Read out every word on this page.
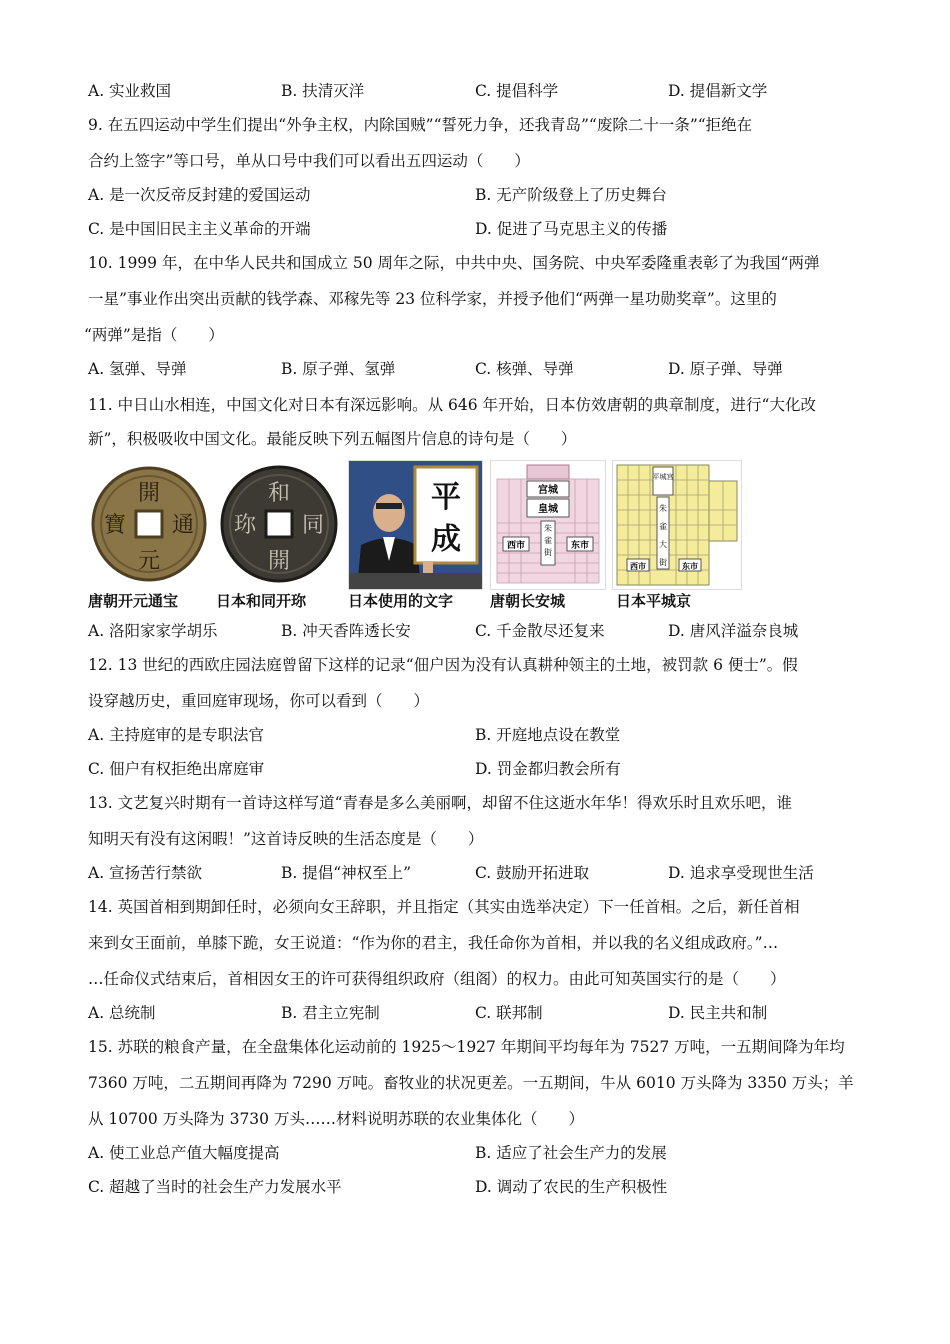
A. 实业救国	B. 扶清灭洋	C. 提倡科学	D. 提倡新文学
9. 在五四运动中学生们提出“外争主权，内除国贼”“誓死力争，还我青岛”“废除二十一条”“拒绝在
合约上签字”等口号，单从口号中我们可以看出五四运动（　　）
A. 是一次反帝反封建的爱国运动	B. 无产阶级登上了历史舞台
C. 是中国旧民主主义革命的开端	D. 促进了马克思主义的传播
10. 1999 年，在中华人民共和国成立 50 周年之际，中共中央、国务院、中央军委隆重表彰了为我国“两弹
一星”事业作出突出贡献的钱学森、邓稼先等 23 位科学家，并授予他们“两弹一星功勋奖章”。这里的
“两弹”是指（　　）
A. 氢弹、导弹	B. 原子弹、氢弹	C. 核弹、导弹	D. 原子弹、导弹
11. 中日山水相连，中国文化对日本有深远影响。从 646 年开始，日本仿效唐朝的典章制度，进行“大化改
新”，积极吸收中国文化。最能反映下列五幅图片信息的诗句是（　　）
開
元
通
寶
和
同
開
珎
平
成
宫城
皇城
朱
雀
街
西市	东市
平城宫
朱
雀
大
街
西市	东市
唐朝开元通宝	日本和同开珎	日本使用的文字 唐朝长安城	日本平城京
A. 洛阳家家学胡乐	B. 冲天香阵透长安	C. 千金散尽还复来	D. 唐风洋溢奈良城
12. 13 世纪的西欧庄园法庭曾留下这样的记录“佃户因为没有认真耕种领主的土地，被罚款 6 便士”。假
设穿越历史，重回庭审现场，你可以看到（　　）
A. 主持庭审的是专职法官	B. 开庭地点设在教堂
C. 佃户有权拒绝出席庭审	D. 罚金都归教会所有
13. 文艺复兴时期有一首诗这样写道“青春是多么美丽啊，却留不住这逝水年华！得欢乐时且欢乐吧，谁
知明天有没有这闲暇！”这首诗反映的生活态度是（　　）
A. 宣扬苦行禁欲	B. 提倡“神权至上”	C. 鼓励开拓进取	D. 追求享受现世生活
14. 英国首相到期卸任时，必须向女王辞职，并且指定（其实由选举决定）下一任首相。之后，新任首相
来到女王面前，单膝下跪，女王说道：“作为你的君主，我任命你为首相，并以我的名义组成政府。”…
…任命仪式结束后，首相因女王的许可获得组织政府（组阁）的权力。由此可知英国实行的是（　　）
A. 总统制	B. 君主立宪制	C. 联邦制	D. 民主共和制
15. 苏联的粮食产量，在全盘集体化运动前的 1925～1927 年期间平均每年为 7527 万吨，一五期间降为年均
7360 万吨，二五期间再降为 7290 万吨。畜牧业的状况更差。一五期间，牛从 6010 万头降为 3350 万头；羊
从 10700 万头降为 3730 万头……材料说明苏联的农业集体化（　　）
A. 使工业总产值大幅度提高	B. 适应了社会生产力的发展
C. 超越了当时的社会生产力发展水平	D. 调动了农民的生产积极性
